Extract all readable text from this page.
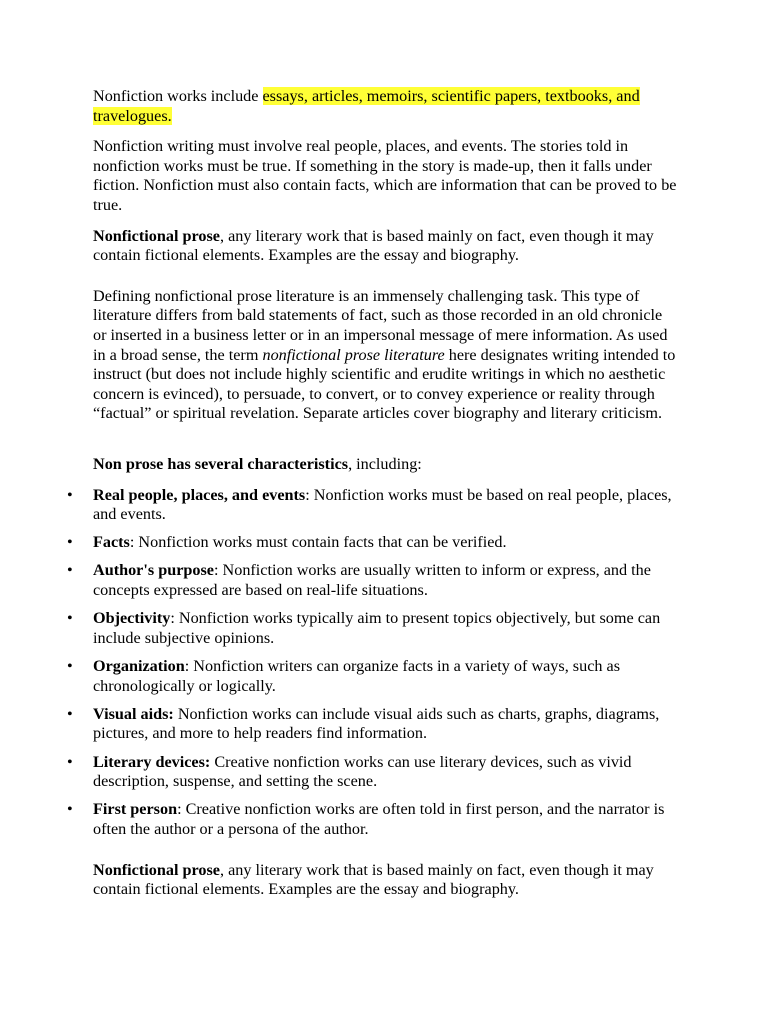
Nonfiction works include essays, articles, memoirs, scientific papers, textbooks, and travelogues.

Nonfiction writing must involve real people, places, and events. The stories told in nonfiction works must be true. If something in the story is made-up, then it falls under fiction. Nonfiction must also contain facts, which are information that can be proved to be true.

Nonfictional prose, any literary work that is based mainly on fact, even though it may contain fictional elements. Examples are the essay and biography.

Defining nonfictional prose literature is an immensely challenging task. This type of literature differs from bald statements of fact, such as those recorded in an old chronicle or inserted in a business letter or in an impersonal message of mere information. As used in a broad sense, the term nonfictional prose literature here designates writing intended to instruct (but does not include highly scientific and erudite writings in which no aesthetic concern is evinced), to persuade, to convert, or to convey experience or reality through “factual” or spiritual revelation. Separate articles cover biography and literary criticism.

Non prose has several characteristics, including:

• Real people, places, and events: Nonfiction works must be based on real people, places, and events.
• Facts: Nonfiction works must contain facts that can be verified.
• Author's purpose: Nonfiction works are usually written to inform or express, and the concepts expressed are based on real-life situations.
• Objectivity: Nonfiction works typically aim to present topics objectively, but some can include subjective opinions.
• Organization: Nonfiction writers can organize facts in a variety of ways, such as chronologically or logically.
• Visual aids: Nonfiction works can include visual aids such as charts, graphs, diagrams, pictures, and more to help readers find information.
• Literary devices: Creative nonfiction works can use literary devices, such as vivid description, suspense, and setting the scene.
• First person: Creative nonfiction works are often told in first person, and the narrator is often the author or a persona of the author.

Nonfictional prose, any literary work that is based mainly on fact, even though it may contain fictional elements. Examples are the essay and biography.
